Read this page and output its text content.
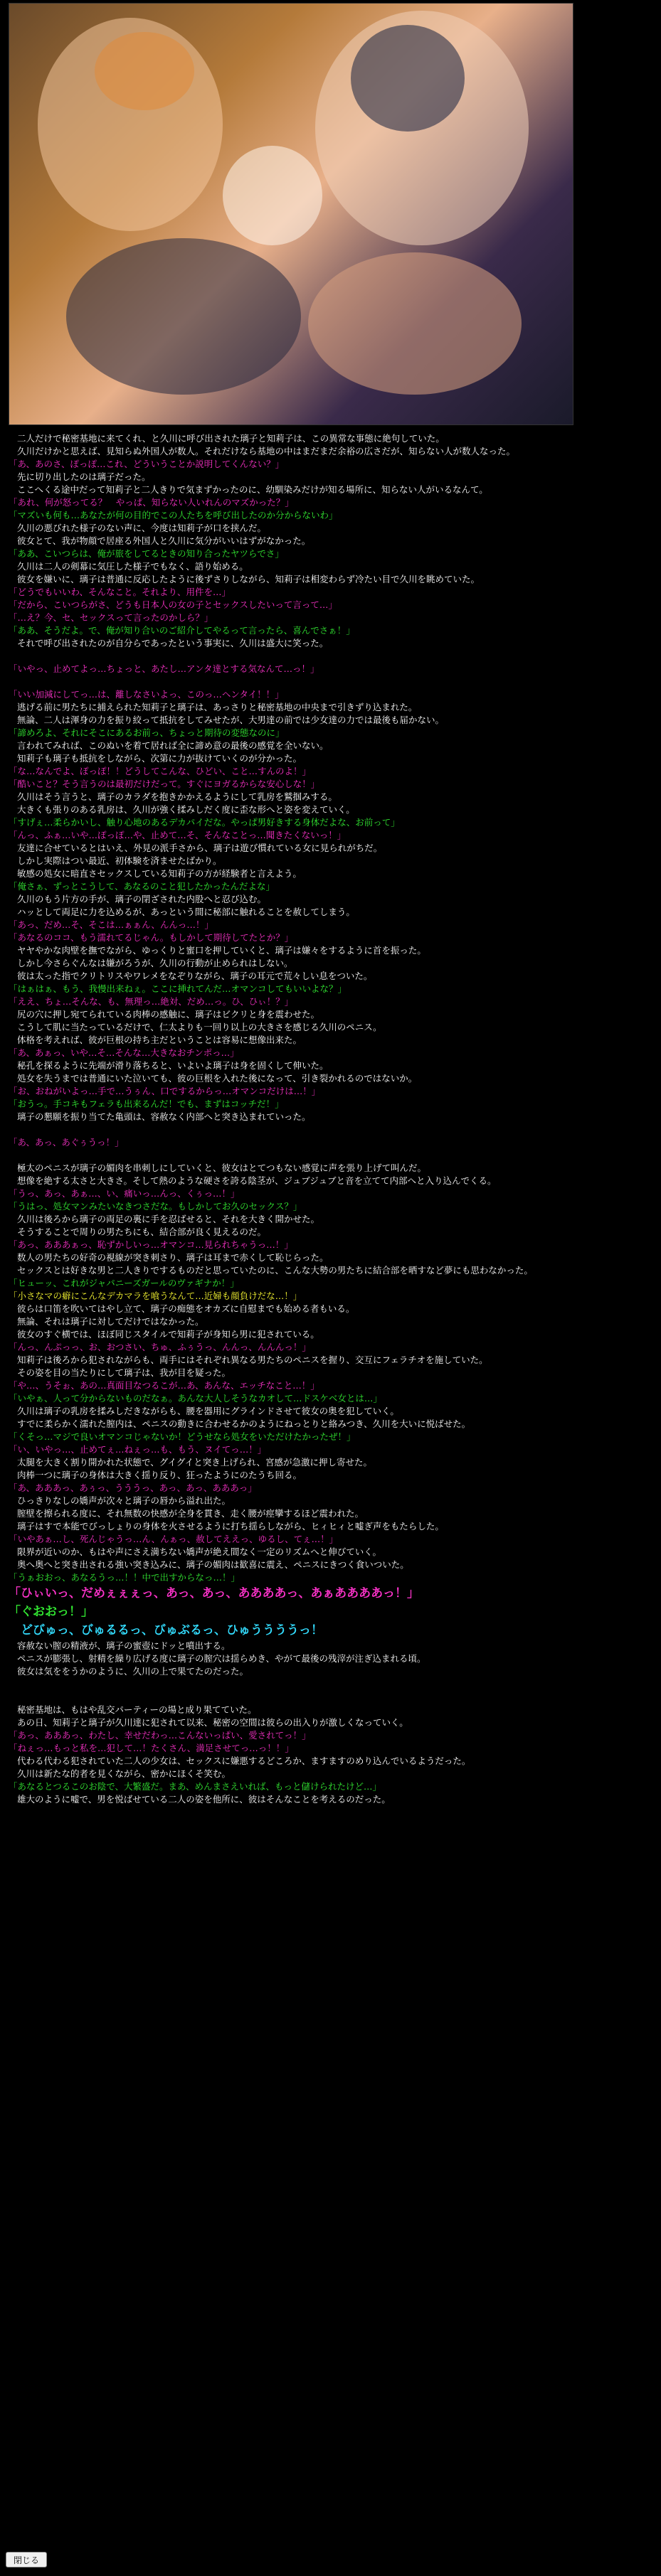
二人だけで秘密基地に来てくれ、と久川に呼び出された璃子と知莉子は、この異常な事態に絶句していた。
久川だけかと思えば、見知らぬ外国人が数人。それだけなら基地の中はまだまだ余裕の広さだが、知らない人が数人なった。
「あ、あのさ、ぽっぽ…これ、どういうことか説明してくんない？」
先に切り出したのは璃子だった。
ここへくる途中だって知莉子と二人きりで気まずかったのに、幼馴染みだけが知る場所に、知らない人がいるなんて。
「あれ、何が怒ってる？　やっぱ、知らない人いれんのマズかった？」
「マズいも何も…あなたが何の目的でこの人たちを呼び出したのか分からないわ」
久川の悪びれた様子のない声に、今度は知莉子が口を挟んだ。
彼女とて、我が物顔で居座る外国人と久川に気分がいいはずがなかった。
「ああ、こいつらは、俺が旅をしてるときの知り合ったヤツらでさ」
久川は二人の剣幕に気圧した様子でもなく、語り始める。
彼女を嫌いに、璃子は普通に反応したように後ずさりしながら、知莉子は相変わらず冷たい目で久川を眺めていた。
「どうでもいいわ、そんなこと。それより、用件を…」
「だから、こいつらがさ、どうも日本人の女の子とセックスしたいって言って…」
「…え？今、セ、セックスって言ったのかしら？」
「ああ、そうだよ。で、俺が知り合いのご紹介してやるって言ったら、喜んでさぁ！」
それで呼び出されたのが自分らであったという事実に、久川は盛大に笑った。
「いやっ、止めてよっ…ちょっと、あたし…アンタ達とする気なんて…っ！」
「いい加減にしてっ…は、離しなさいよっ、このっ…ヘンタイ！！」
逃げる前に男たちに捕えられた知莉子と璃子は、あっさりと秘密基地の中央まで引きずり込まれた。
無論、二人は渾身の力を振り絞って抵抗をしてみせたが、大男達の前では少女達の力では最後も届かない。
「諦めろよ、それにそこにあるお前っ、ちょっと期待の変態なのに」
言われてみれば、このぬいを着て居れば全に諦め意の最後の感覚を全いない。
知莉子も璃子も抵抗をしながら、次第に力が抜けていくのが分かった。
「な…なんでよ、ぽっぽ！！どうしてこんな、ひどい、こと…すんのよ！」
「酷いこと？そう言うのは最初だけだって。すぐにヨガるからな安心しな！」
久川はそう言うと、璃子のカラダを抱きかかえるようにして乳房を鷲掴みする。
大きくも張りのある乳房は、久川が強く揉みしだく度に歪な形へと姿を変えていく。
「すげぇ…柔らかいし、触り心地のあるデカパイだな。やっぱ男好きする身体だよな、お前って」
「んっ、ふぁ…いや…ぽっぽ…や、止めて…そ、そんなことっ…聞きたくないっ！」
友達に合せているとはいえ、外見の派手さから、璃子は遊び慣れている女に見られがちだ。
しかし実際はつい最近、初体験を済ませたばかり。
敏感の処女に暗直さセックスしている知莉子の方が経験者と言えよう。
「俺さぁ、ずっとこうして、あなるのこと犯したかったんだよな」
久川のもう片方の手が、璃子の閉ざされた内股へと忍び込む。
ハッとして両足に力を込めるが、あっという間に秘部に触れることを赦してしまう。
「あっ、だめ…そ、そこは…ぁぁん、んんっ…！」
「あなるのココ、もう濡れてるじゃん。もしかして期待してたとか？」
ヤヤやかな肉壁を撫でながら、ゆっくりと蜜口を押していくと、璃子は嫌々をするように首を振った。
しかし今さらぐんなは嫌がろうが、久川の行動が止められはしない。
彼は太った指でクリトリスやワレメをなぞりながら、璃子の耳元で荒々しい息をついた。
「はぁはぁ、もう、我慢出来ねぇ。ここに挿れてんだ…オマンコしてもいいよな？」
「ええ、ちょ…そんな、も、無理っ…絶対、だめ…っ。ひ、ひぃ！？」
尻の穴に押し宛てられている肉棒の感触に、璃子はビクリと身を震わせた。
こうして肌に当たっているだけで、仁太よりも一回り以上の大きさを感じる久川のペニス。
体格を考えれば、彼が巨根の持ち主だということは容易に想像出来た。
「あ、あぁっ、いや…そ…そんな…大きなおチンポっ…」
秘孔を探るように先端が滑り落ちると、いよいよ璃子は身を固くして伸いた。
処女を失うまでは普通にいた泣いても、彼の巨根を入れた後になって、引き裂かれるのではないか。
「お、おねがいよっ…手で…うぅん、口でするからっ…オマンコだけは…！」
「おうっ。手コキもフェラも出来るんだ！でも、まずはコッチだ！」
璃子の懇願を振り当てた亀頭は、容赦なく内部へと突き込まれていった。
「あ、あっ、あぐぅうっ！」
極太のペニスが璃子の媚肉を串刺しにしていくと、彼女はとてつもない感覚に声を張り上げて叫んだ。
想像を絶する太さと大きさ。そして熱のような硬さを誇る陰茎が、ジュブジュブと音を立てて内部へと入り込んでくる。
「うっ、あっ、あぁ…、い、痛いっ…んっ、くぅっ…！」
「うはっ、処女マンみたいなきつさだな。もしかしてお久のセックス？」
久川は後ろから璃子の両足の裏に手を忍ばせると、それを大きく開かせた。
そうすることで周りの男たちにも、結合部が良く見えるのだ。
「あっ、あああぁっ、恥ずかしいっ…オマンコ…見られちゃうっ…！」
数人の男たちの好奇の視線が突き刺さり、璃子は耳まで赤くして恥じらった。
セックスとは好きな男と二人きりでするものだと思っていたのに、こんな大勢の男たちに結合部を晒すなど夢にも思わなかった。
「ヒューッ、これがジャパニーズガールのヴァギナか！」
「小さなマの癖にこんなデカマラを喰うなんて…近婦も顔負けだな…！」
彼らは口笛を吹いてはやし立て、璃子の痴態をオカズに自慰までも始める者もいる。
無論、それは璃子に対してだけではなかった。
彼女のすぐ横では、ほぼ同じスタイルで知莉子が身知ら男に犯されている。
「んっ、んぷっっ、お、おつさい、ちゅ、ふぅうっ、んんっ、んんんっ！」
知莉子は後ろから犯されながらも、両手にはそれぞれ異なる男たちのペニスを握り、交互にフェラチオを施していた。
その姿を目の当たりにして璃子は、我が目を疑った。
「や…、うそぉ、あの…真面目なつるこが…あ、あんな、エッチなこと…！」
「いやぁ、人って分からないものだなぁ。あんな大人しそうなカオして…ドスケベ女とは…」
久川は璃子の乳房を揉みしだきながらも、腰を器用にグラインドさせて彼女の奥を犯していく。
すでに柔らかく濡れた膣内は、ペニスの動きに合わせるかのようにねっとりと絡みつき、久川を大いに悦ばせた。
「くそっ…マジで良いオマンコじゃないか！どうせなら処女をいただけたかったぜ！」
「い、いやっ…、止めてぇ…ねぇっ…も、もう、ヌイてっ…！」
太腿を大きく割り開かれた状態で、グイグイと突き上げられ、宮感が急激に押し寄せた。
肉棒一つに璃子の身体は大きく揺り反り、狂ったようにのたうち回る。
「あ、あああっ、あぅっ、うううっ、あっ、あっ、あああっ」
ひっきりなしの嬌声が次々と璃子の唇から溢れ出た。
膣壁を擦られる度に、それ無数の快感が全身を貫き、走く腰が痙攣するほど震われた。
璃子はすで本能でびっしょりの身体を火させるように打ち揺らしながら、ヒィヒィと嘘ぎ声をもたらした。
「いやあぁ…し、死んじゃうっ…ん、んぁっ、赦してええっ、ゆるし、てぇ…！」
限界が近いのか、もはや声にさえ満ちない嬌声が絶え間なく一定のリズムへと伸びていく。
奥へ奥へと突き出される強い突き込みに、璃子の媚肉は歓喜に震え、ペニスにきつく食いついた。
「うぁおおっ、あなるうっ…！！中で出すからなっ…！」
「ひぃいっ、だめぇぇぇっ、あっ、あっ、ああああっ、あぁああああっ！」
「ぐおおっ！」
　どびゅっ、びゅるるっ、びゅぶるっ、ひゅううううっ！
容赦ない膣の精液が、璃子の蜜壺にドッと噴出する。
ペニスが膨張し、射精を繰り広げる度に璃子の膣穴は揺らめき、やがて最後の残滓が注ぎ込まれる頃。
彼女は気ををうかのように、久川の上で果てたのだった。
秘密基地は、もはや乱交パーティーの場と成り果てていた。
あの日、知莉子と璃子が久川達に犯されて以来、秘密の空間は彼らの出入りが激しくなっていく。
「あっ、あああっ、わたし、幸せだわっ…こんないっぱい、愛されてっ！」
「ねぇっ…もっと私を…犯して…！たくさん、満足させてっ…っ！！」
代わる代わる犯されていた二人の少女は、セックスに嫌悪するどころか、ますますのめり込んでいるようだった。
久川は新たな的者を見くながら、密かにほくそ笑む。
「あなるとつるこのお陰で、大繁盛だ。まあ、めんまさえいれば、もっと儲けられたけど…」
雄大のように嘘で、男を悦ばせている二人の姿を他所に、彼はそんなことを考えるのだった。
閉じる
